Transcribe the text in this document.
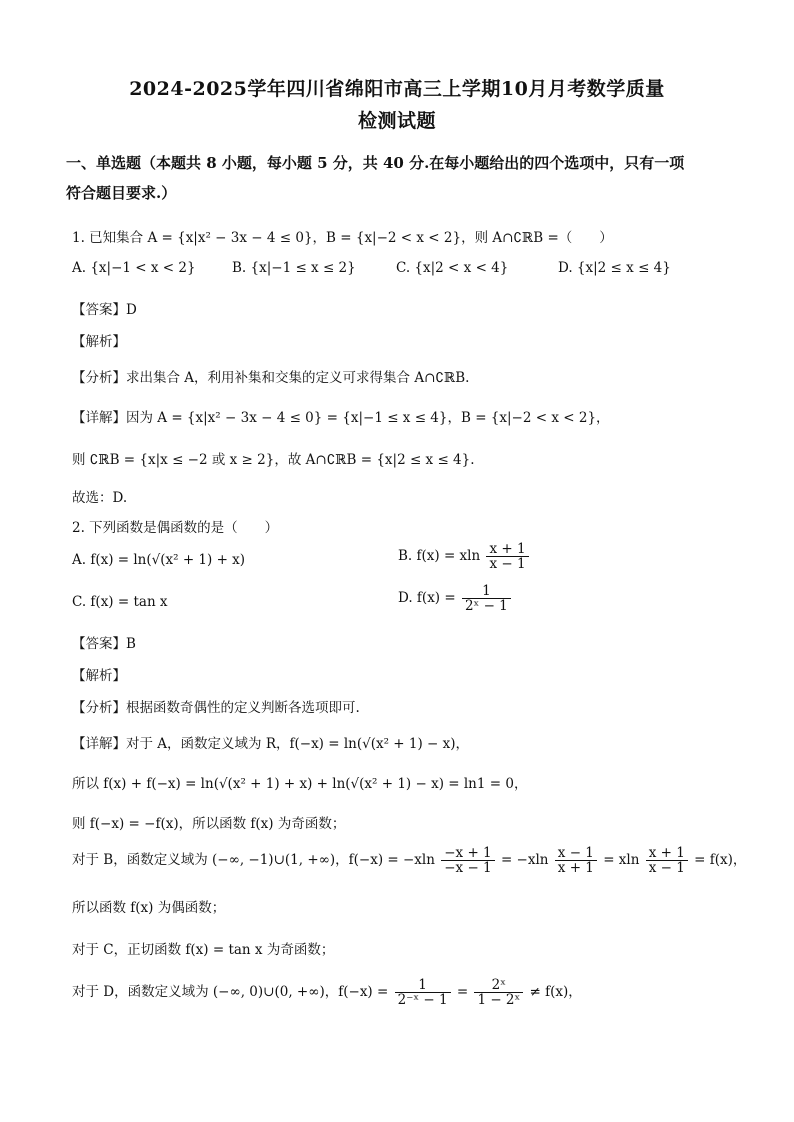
2024-2025学年四川省绵阳市高三上学期10月月考数学质量
检测试题
一、单选题（本题共 8 小题，每小题 5 分，共 40 分.在每小题给出的四个选项中，只有一项
符合题目要求.）
1. 已知集合 A = {x|x² − 3x − 4 ≤ 0}，B = {x|−2 < x < 2}，则 A∩∁ℝB =（　　）
A. {x|−1 < x < 2}	B. {x|−1 ≤ x ≤ 2}	C. {x|2 < x < 4}	D. {x|2 ≤ x ≤ 4}
【答案】D
【解析】
【分析】求出集合 A，利用补集和交集的定义可求得集合 A∩∁ℝB.
【详解】因为 A = {x|x² − 3x − 4 ≤ 0} = {x|−1 ≤ x ≤ 4}，B = {x|−2 < x < 2}，
则 ∁ℝB = {x|x ≤ −2 或 x ≥ 2}，故 A∩∁ℝB = {x|2 ≤ x ≤ 4}.
故选：D.
2. 下列函数是偶函数的是（　　）
A. f(x) = ln(√(x² + 1) + x)	B. f(x) = xln $\frac{x + 1}{x - 1}$
C. f(x) = tan x	D. $f(x) = \frac{1}{\text{2ˣ − 1}}$
【答案】B
【解析】
【分析】根据函数奇偶性的定义判断各选项即可.
【详解】对于 A，函数定义域为 R，f(−x) = ln(√(x² + 1) − x)，
所以 f(x) + f(−x) = ln(√(x² + 1) + x) + ln(√(x² + 1) − x) = ln1 = 0，
则 f(−x) = −f(x)，所以函数 f(x) 为奇函数；
对于 B，函数定义域为 (−∞, −1)∪(1, +∞)，$f(-x) = -xln \frac{-x + 1}{-x - 1} = -xln \frac{x - 1}{x + 1} = xln \frac{x + 1}{x - 1} = f(x)$，
所以函数 f(x) 为偶函数；
对于 C，正切函数 f(x) = tan x 为奇函数；
对于 D，函数定义域为 (−∞, 0)∪(0, +∞)，$f(-x) = \frac{1}{\text{2⁻ˣ − 1}} = \frac{\text{2ˣ}}{\text{1 − 2ˣ}} \ne f(x)$，
